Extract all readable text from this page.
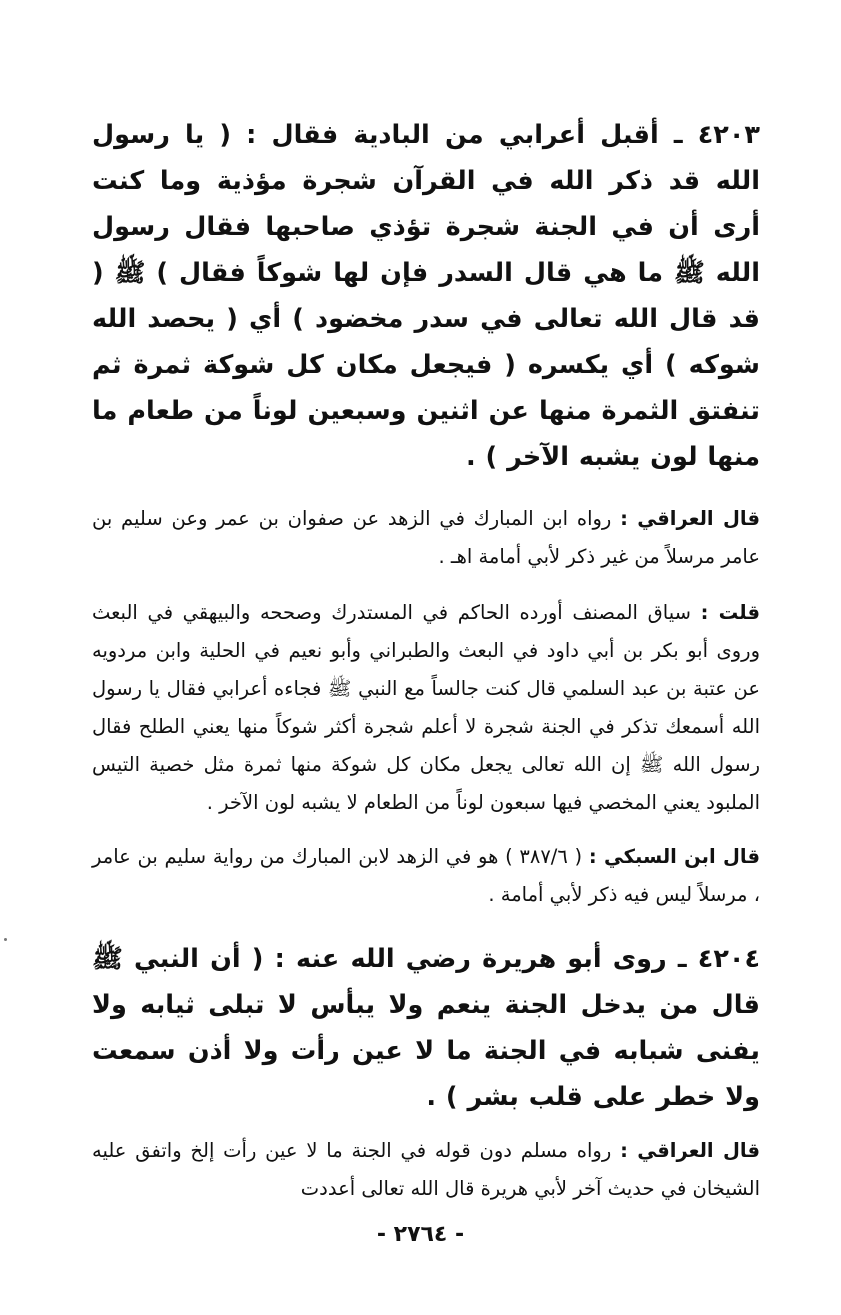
٤٢٠٣ ـ أقبل أعرابي من البادية فقال : ( يا رسول الله قد ذكر الله في القرآن شجرة مؤذية وما كنت أرى أن في الجنة شجرة تؤذي صاحبها فقال رسول الله ﷺ ما هي قال السدر فإن لها شوكاً فقال ) ﷺ ( قد قال الله تعالى في سدر مخضود ) أي ( يحصد الله شوكه ) أي يكسره ( فيجعل مكان كل شوكة ثمرة ثم تنفتق الثمرة منها عن اثنين وسبعين لوناً من طعام ما منها لون يشبه الآخر ) .

قال العراقي : رواه ابن المبارك في الزهد عن صفوان بن عمر وعن سليم بن عامر مرسلاً من غير ذكر لأبي أمامة اهـ .

قلت : سياق المصنف أورده الحاكم في المستدرك وصححه والبيهقي في البعث وروى أبو بكر بن أبي داود في البعث والطبراني وأبو نعيم في الحلية وابن مردويه عن عتبة بن عبد السلمي قال كنت جالساً مع النبي ﷺ فجاءه أعرابي فقال يا رسول الله أسمعك تذكر في الجنة شجرة لا أعلم شجرة أكثر شوكاً منها يعني الطلح فقال رسول الله ﷺ إن الله تعالى يجعل مكان كل شوكة منها ثمرة مثل خصية التيس الملبود يعني المخصي فيها سبعون لوناً من الطعام لا يشبه لون الآخر .

قال ابن السبكي : ( ٣٨٧/٦ ) هو في الزهد لابن المبارك من رواية سليم بن عامر ، مرسلاً ليس فيه ذكر لأبي أمامة .

٤٢٠٤ ـ روى أبو هريرة رضي الله عنه : ( أن النبي ﷺ قال من يدخل الجنة ينعم ولا يبأس لا تبلى ثيابه ولا يفنى شبابه في الجنة ما لا عين رأت ولا أذن سمعت ولا خطر على قلب بشر ) .

قال العراقي : رواه مسلم دون قوله في الجنة ما لا عين رأت إلخ واتفق عليه الشيخان في حديث آخر لأبي هريرة قال الله تعالى أعددت

- ٢٧٦٤ -
